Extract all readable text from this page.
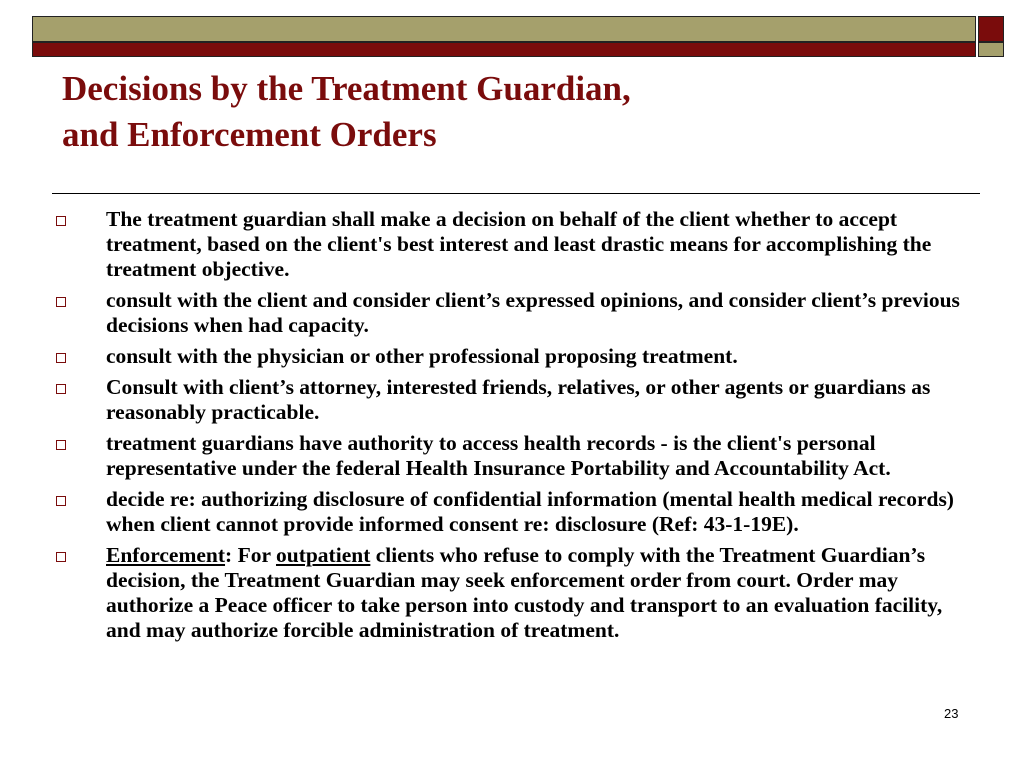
Decisions by the Treatment Guardian,
and Enforcement Orders
The treatment guardian shall make a decision on behalf of the client whether to accept treatment, based on the client's best interest and least drastic means for accomplishing the treatment objective.
consult with the client and consider client’s expressed opinions, and consider client’s previous decisions when had capacity.
consult with the physician or other professional proposing treatment.
Consult with client’s attorney, interested friends, relatives, or other agents or guardians as reasonably practicable.
treatment guardians have authority to access health records - is the client's personal representative under the federal Health Insurance Portability and Accountability Act.
decide re: authorizing disclosure of confidential information (mental health medical records) when client cannot provide informed consent re: disclosure (Ref: 43-1-19E).
Enforcement: For outpatient clients who refuse to comply with the Treatment Guardian’s decision, the Treatment Guardian may seek enforcement order from court. Order may authorize a Peace officer to take person into custody and transport to an evaluation facility, and may authorize forcible administration of treatment.
23
